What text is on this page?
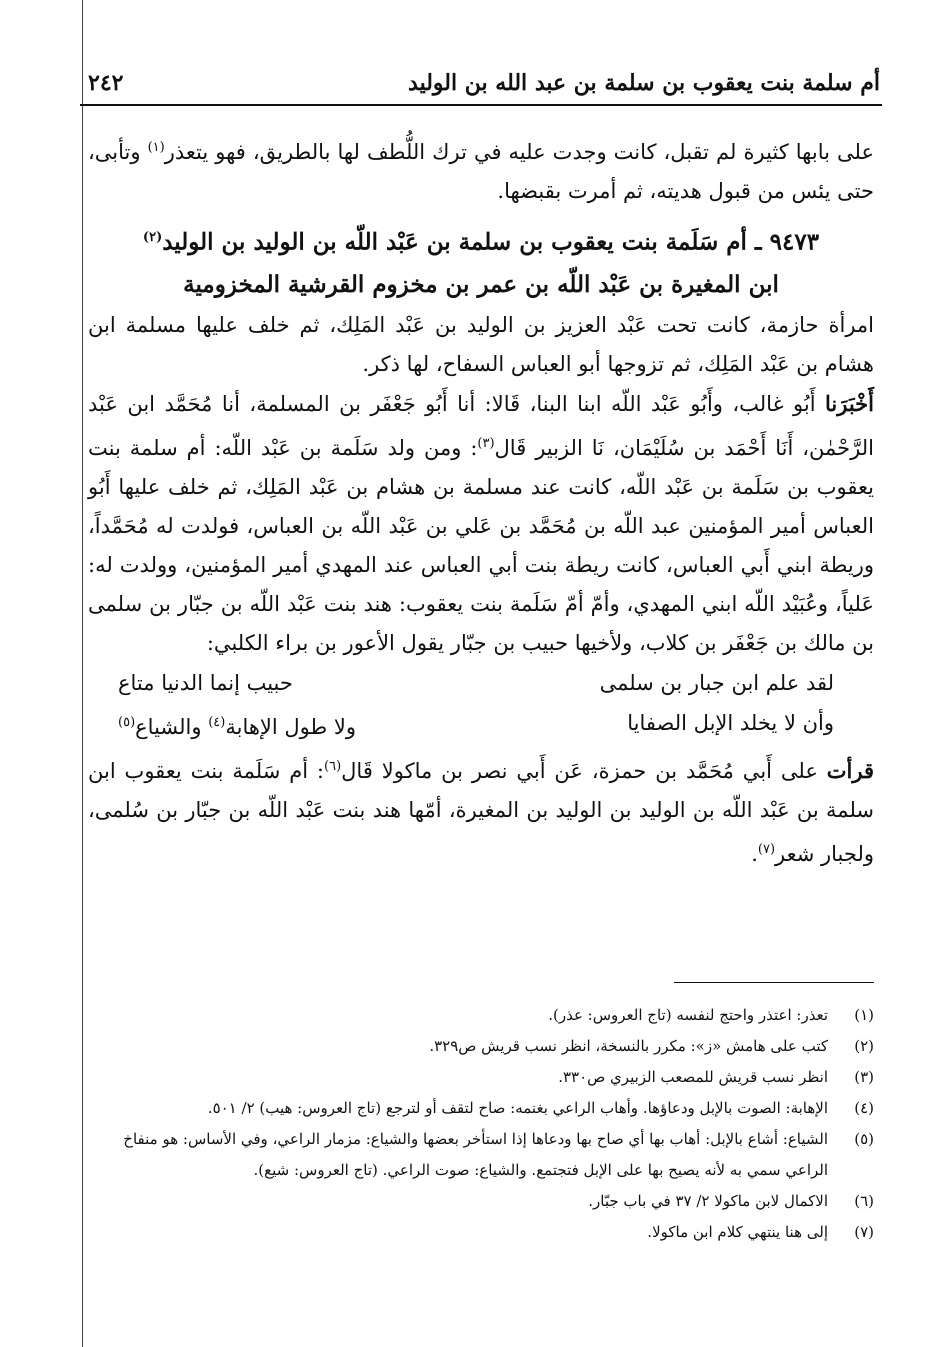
أم سلمة بنت يعقوب بن سلمة بن عبد الله بن الوليد
٢٤٢

على بابها كثيرة لم تقبل، كانت وجدت عليه في ترك اللُّطف لها بالطريق، فهو يتعذر$^{(١)}$ وتأبى، حتى يئس من قبول هديته، ثم أمرت بقبضها.

٩٤٧٣ ـ أم سَلَمة بنت يعقوب بن سلمة بن عَبْد اللّه بن الوليد بن الوليد$^{(٢)}$
ابن المغيرة بن عَبْد اللّه بن عمر بن مخزوم القرشية المخزومية

امرأة حازمة، كانت تحت عَبْد العزيز بن الوليد بن عَبْد المَلِك، ثم خلف عليها مسلمة ابن هشام بن عَبْد المَلِك، ثم تزوجها أبو العباس السفاح، لها ذكر.

أَخْبَرَنا أَبُو غالب، وأَبُو عَبْد اللّه ابنا البنا، قَالا: أنا أَبُو جَعْفَر بن المسلمة، أنا مُحَمَّد ابن عَبْد الرَّحْمٰن، أَنَا أَحْمَد بن سُلَيْمَان، نَا الزبير قَال$^{(٣)}$: ومن ولد سَلَمة بن عَبْد اللّه: أم سلمة بنت يعقوب بن سَلَمة بن عَبْد اللّه، كانت عند مسلمة بن هشام بن عَبْد المَلِك، ثم خلف عليها أَبُو العباس أمير المؤمنين عبد اللّه بن مُحَمَّد بن عَلي بن عَبْد اللّه بن العباس، فولدت له مُحَمَّداً، وريطة ابني أَبي العباس، كانت ريطة بنت أبي العباس عند المهدي أمير المؤمنين، وولدت له: عَلياً، وعُبَيْد اللّه ابني المهدي، وأمّ أمّ سَلَمة بنت يعقوب: هند بنت عَبْد اللّه بن جبّار بن سلمى بن مالك بن جَعْفَر بن كلاب، ولأخيها حبيب بن جبّار يقول الأعور بن براء الكلبي:

لقد علم ابن جبار بن سلمى
حبيب إنما الدنيا متاع
وأن لا يخلد الإبل الصفايا
ولا طول الإهابة$^{(٤)}$ والشياع$^{(٥)}$

قرأت على أَبي مُحَمَّد بن حمزة، عَن أَبي نصر بن ماكولا قَال$^{(٦)}$: أم سَلَمة بنت يعقوب ابن سلمة بن عَبْد اللّه بن الوليد بن الوليد بن المغيرة، أمّها هند بنت عَبْد اللّه بن جبّار بن سُلمى، ولجبار شعر$^{(٧)}$.

(١)
تعذر: اعتذر واحتج لنفسه (تاج العروس: عذر).
(٢)
كتب على هامش «ز»: مكرر بالنسخة، انظر نسب قريش ص٣٢٩.
(٣)
انظر نسب قريش للمصعب الزبيري ص٣٣٠.
(٤)
الإهابة: الصوت بالإبل ودعاؤها. وأهاب الراعي بغنمه: صاح لتقف أو لترجع (تاج العروس: هيب) ٢/ ٥٠١.
(٥)
الشياع: أشاع بالإبل: أهاب بها أي صاح بها ودعاها إذا استأخر بعضها والشياع: مزمار الراعي، وفي الأساس: هو منفاخ الراعي سمي به لأنه يصيح بها على الإبل فتجتمع. والشياع: صوت الراعي. (تاج العروس: شيع).
(٦)
الاكمال لابن ماكولا ٢/ ٣٧ في باب جبّار.
(٧)
إلى هنا ينتهي كلام ابن ماكولا.
